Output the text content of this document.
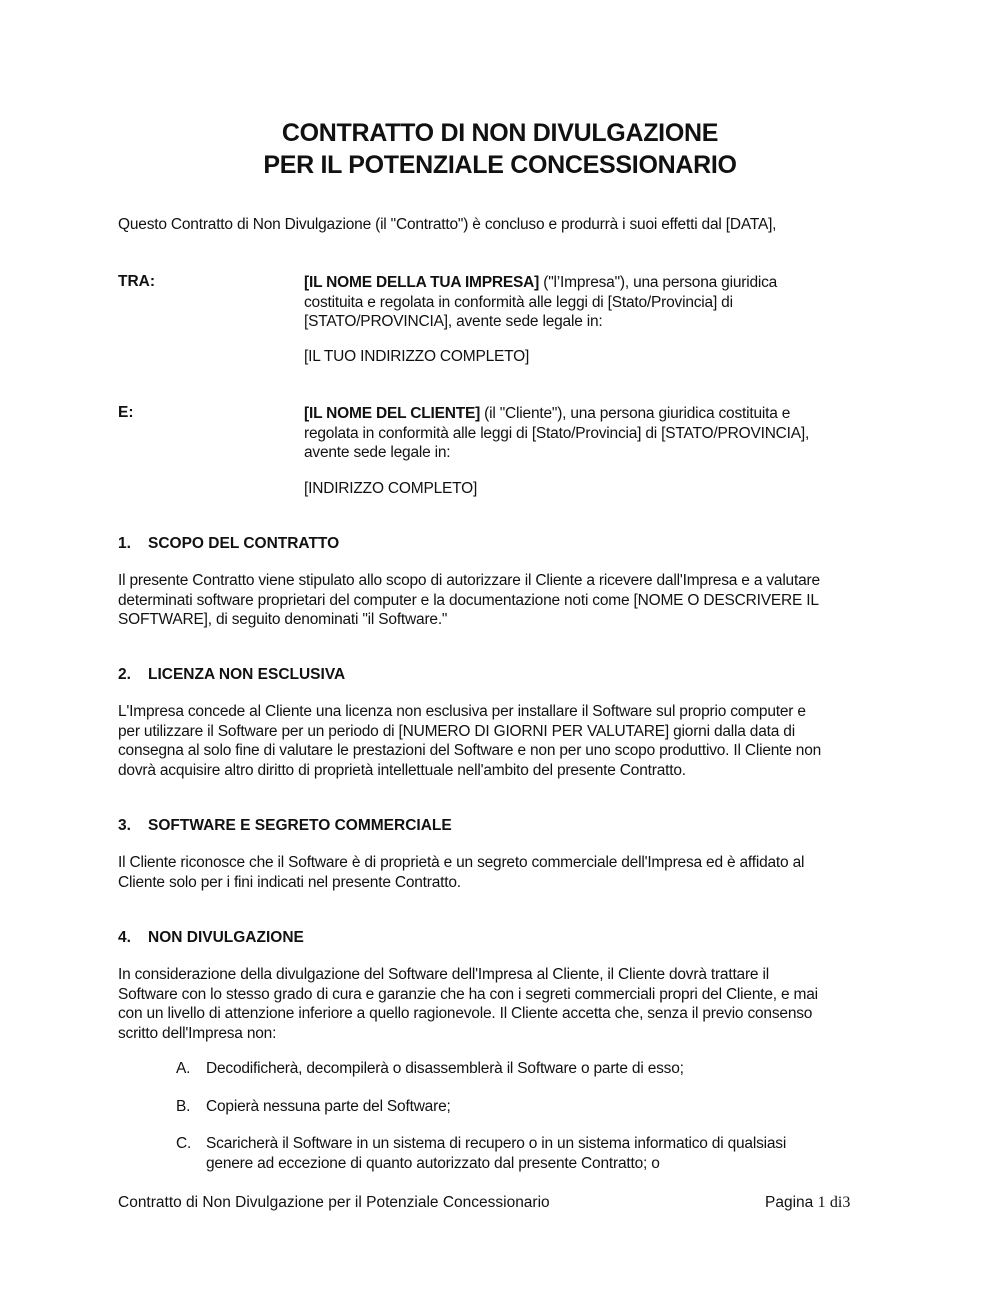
CONTRATTO DI NON DIVULGAZIONE
PER IL POTENZIALE CONCESSIONARIO
Questo Contratto di Non Divulgazione (il "Contratto") è concluso e produrrà i suoi effetti dal [DATA],
TRA:	[IL NOME DELLA TUA IMPRESA] ("l’Impresa"), una persona giuridica
costituita e regolata in conformità alle leggi di [Stato/Provincia] di
[STATO/PROVINCIA], avente sede legale in:
[IL TUO INDIRIZZO COMPLETO]
E:	[IL NOME DEL CLIENTE] (il "Cliente"), una persona giuridica costituita e
regolata in conformità alle leggi di [Stato/Provincia] di [STATO/PROVINCIA],
avente sede legale in:
[INDIRIZZO COMPLETO]
1. SCOPO DEL CONTRATTO
Il presente Contratto viene stipulato allo scopo di autorizzare il Cliente a ricevere dall'Impresa e a valutare
determinati software proprietari del computer e la documentazione noti come [NOME O DESCRIVERE IL
SOFTWARE], di seguito denominati "il Software."
2. LICENZA NON ESCLUSIVA
L'Impresa concede al Cliente una licenza non esclusiva per installare il Software sul proprio computer e
per utilizzare il Software per un periodo di [NUMERO DI GIORNI PER VALUTARE] giorni dalla data di
consegna al solo fine di valutare le prestazioni del Software e non per uno scopo produttivo. Il Cliente non
dovrà acquisire altro diritto di proprietà intellettuale nell'ambito del presente Contratto.
3. SOFTWARE E SEGRETO COMMERCIALE
Il Cliente riconosce che il Software è di proprietà e un segreto commerciale dell'Impresa ed è affidato al
Cliente solo per i fini indicati nel presente Contratto.
4. NON DIVULGAZIONE
In considerazione della divulgazione del Software dell'Impresa al Cliente, il Cliente dovrà trattare il
Software con lo stesso grado di cura e garanzie che ha con i segreti commerciali propri del Cliente, e mai
con un livello di attenzione inferiore a quello ragionevole. Il Cliente accetta che, senza il previo consenso
scritto dell'Impresa non:
A. Decodificherà, decompilerà o disassemblerà il Software o parte di esso;
B. Copierà nessuna parte del Software;
C. Scaricherà il Software in un sistema di recupero o in un sistema informatico di qualsiasi
genere ad eccezione di quanto autorizzato dal presente Contratto; o
Contratto di Non Divulgazione per il Potenziale Concessionario	Pagina 1 di3
